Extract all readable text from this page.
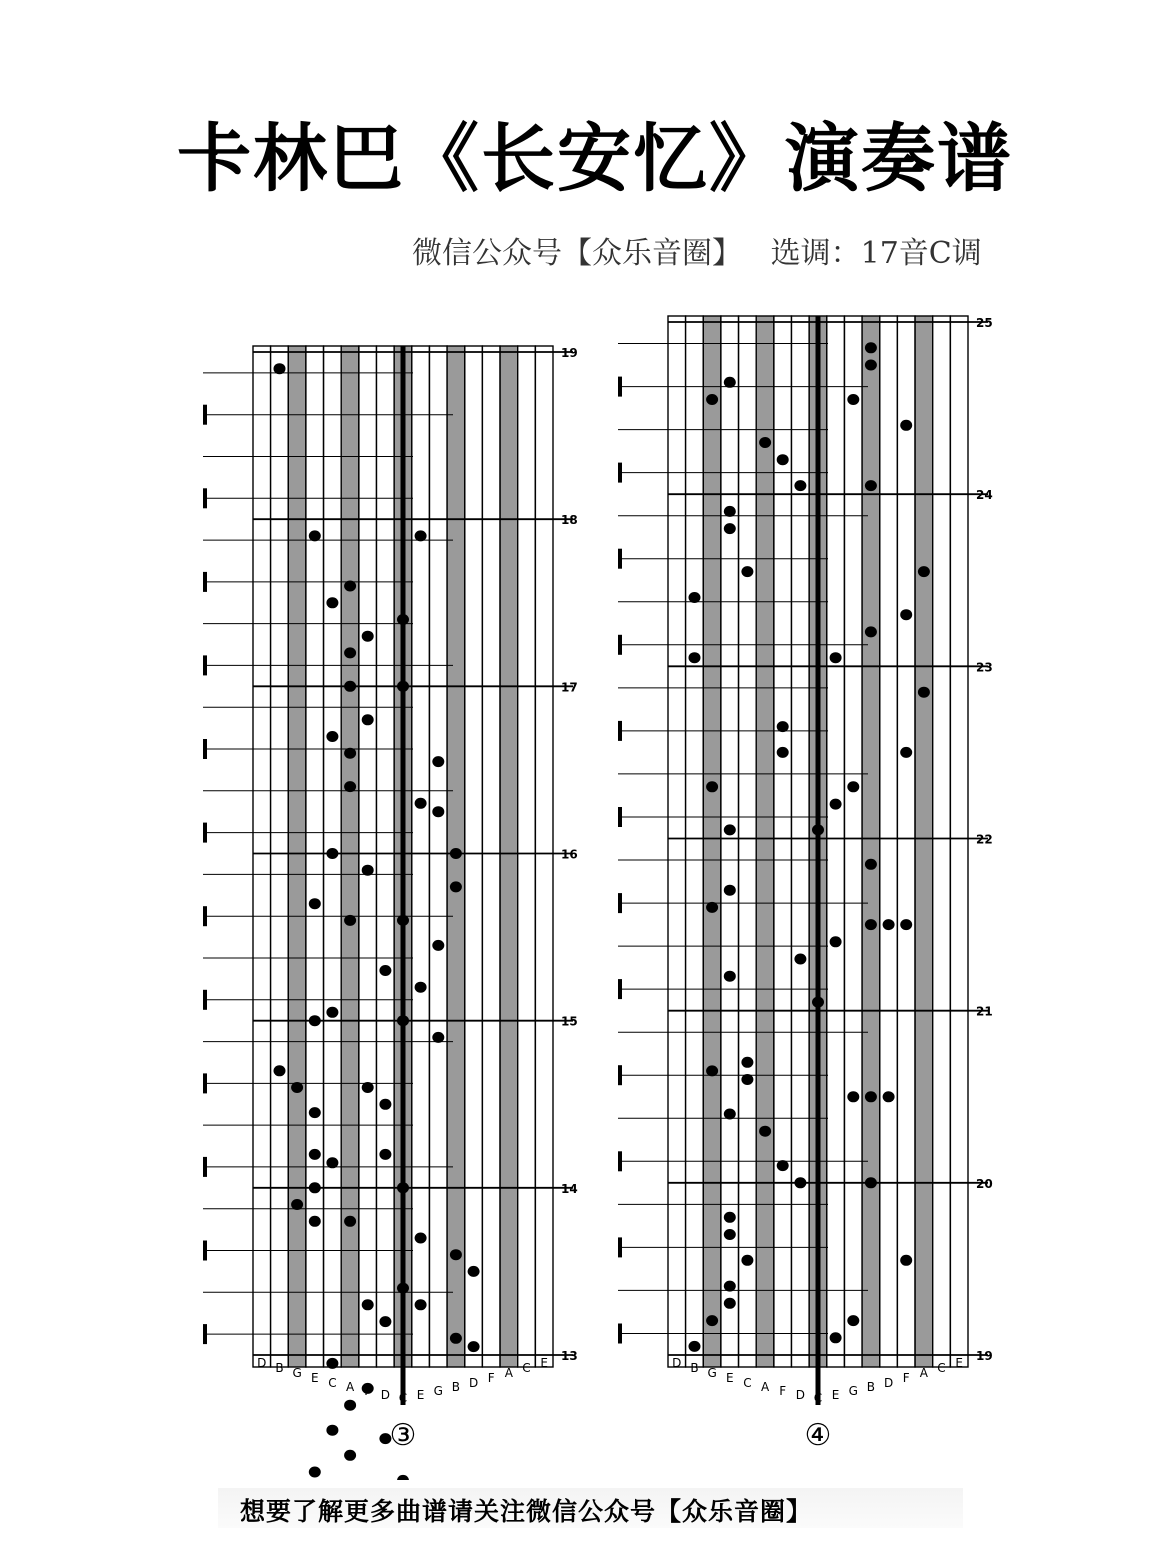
卡林巴《长安忆》演奏谱

微信公众号【众乐音圈】   选调：17音C调

13
14
15
16
17
18
19
D B G E C A F D C E G B D F A C E
③
19
20
21
22
23
24
25
D B G E C A F D C E G B D F A C E
④

想要了解更多曲谱请关注微信公众号【众乐音圈】
